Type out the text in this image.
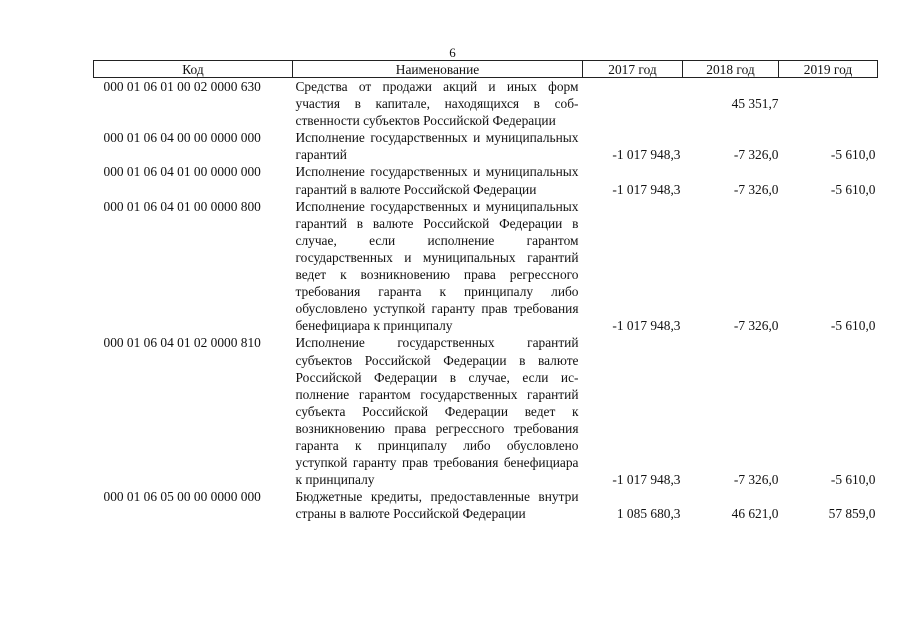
6
Код	Наименование	2017 год	2018 год	2019 год
000 01 06 01 00 02 0000 630	Средства от продажи акций и иных форм участия в капитале, находящихся в собственности субъектов Российской Федерации		45 351,7

000 01 06 04 00 00 0000 000	Исполнение государственных и муниципальных гарантий	-1 017 948,3	-7 326,0	-5 610,0
000 01 06 04 01 00 0000 000	Исполнение государственных и муниципальных гарантий в валюте Российской Федерации	-1 017 948,3	-7 326,0	-5 610,0
000 01 06 04 01 00 0000 800	Исполнение государственных и муниципальных гарантий в валюте Российской Федерации в случае, если исполнение гарантом государственных и муниципальных гарантий ведет к возникновению права регрессного требования гаранта к принципалу либо обусловлено уступкой гаранту прав требования бенефициара к принципалу	-1 017 948,3	-7 326,0	-5 610,0
000 01 06 04 01 02 0000 810	Исполнение государственных гарантий субъектов Российской Федерации в валюте Российской Федерации в случае, если исполнение гарантом государственных гарантий субъекта Российской Федерации ведет к возникновению права регрессного требования гаранта к принципалу либо обусловлено уступкой гаранту прав требования бенефициара к принципалу	-1 017 948,3	-7 326,0	-5 610,0
000 01 06 05 00 00 0000 000	Бюджетные кредиты, предоставленные внутри страны в валюте Российской Федерации	1 085 680,3	46 621,0	57 859,0
